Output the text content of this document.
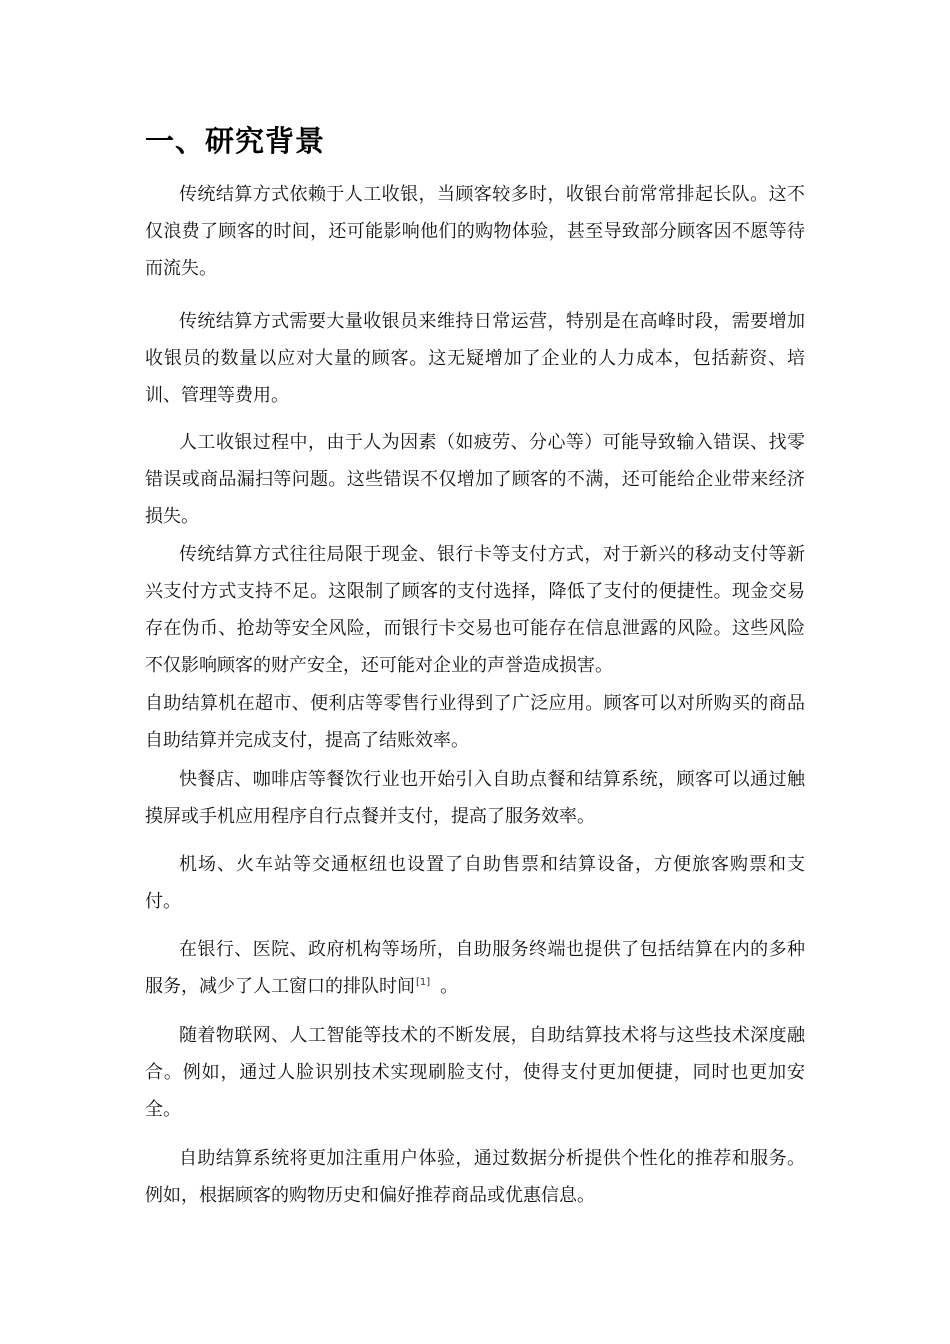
一、研究背景

传统结算方式依赖于人工收银，当顾客较多时，收银台前常常排起长队。这不仅浪费了顾客的时间，还可能影响他们的购物体验，甚至导致部分顾客因不愿等待而流失。

传统结算方式需要大量收银员来维持日常运营，特别是在高峰时段，需要增加收银员的数量以应对大量的顾客。这无疑增加了企业的人力成本，包括薪资、培训、管理等费用。

人工收银过程中，由于人为因素（如疲劳、分心等）可能导致输入错误、找零错误或商品漏扫等问题。这些错误不仅增加了顾客的不满，还可能给企业带来经济损失。

传统结算方式往往局限于现金、银行卡等支付方式，对于新兴的移动支付等新兴支付方式支持不足。这限制了顾客的支付选择，降低了支付的便捷性。现金交易存在伪币、抢劫等安全风险，而银行卡交易也可能存在信息泄露的风险。这些风险不仅影响顾客的财产安全，还可能对企业的声誉造成损害。

自助结算机在超市、便利店等零售行业得到了广泛应用。顾客可以对所购买的商品自助结算并完成支付，提高了结账效率。

快餐店、咖啡店等餐饮行业也开始引入自助点餐和结算系统，顾客可以通过触摸屏或手机应用程序自行点餐并支付，提高了服务效率。

机场、火车站等交通枢纽也设置了自助售票和结算设备，方便旅客购票和支付。

在银行、医院、政府机构等场所，自助服务终端也提供了包括结算在内的多种服务，减少了人工窗口的排队时间[1] 。

随着物联网、人工智能等技术的不断发展，自助结算技术将与这些技术深度融合。例如，通过人脸识别技术实现刷脸支付，使得支付更加便捷，同时也更加安全。

自助结算系统将更加注重用户体验，通过数据分析提供个性化的推荐和服务。例如，根据顾客的购物历史和偏好推荐商品或优惠信息。
